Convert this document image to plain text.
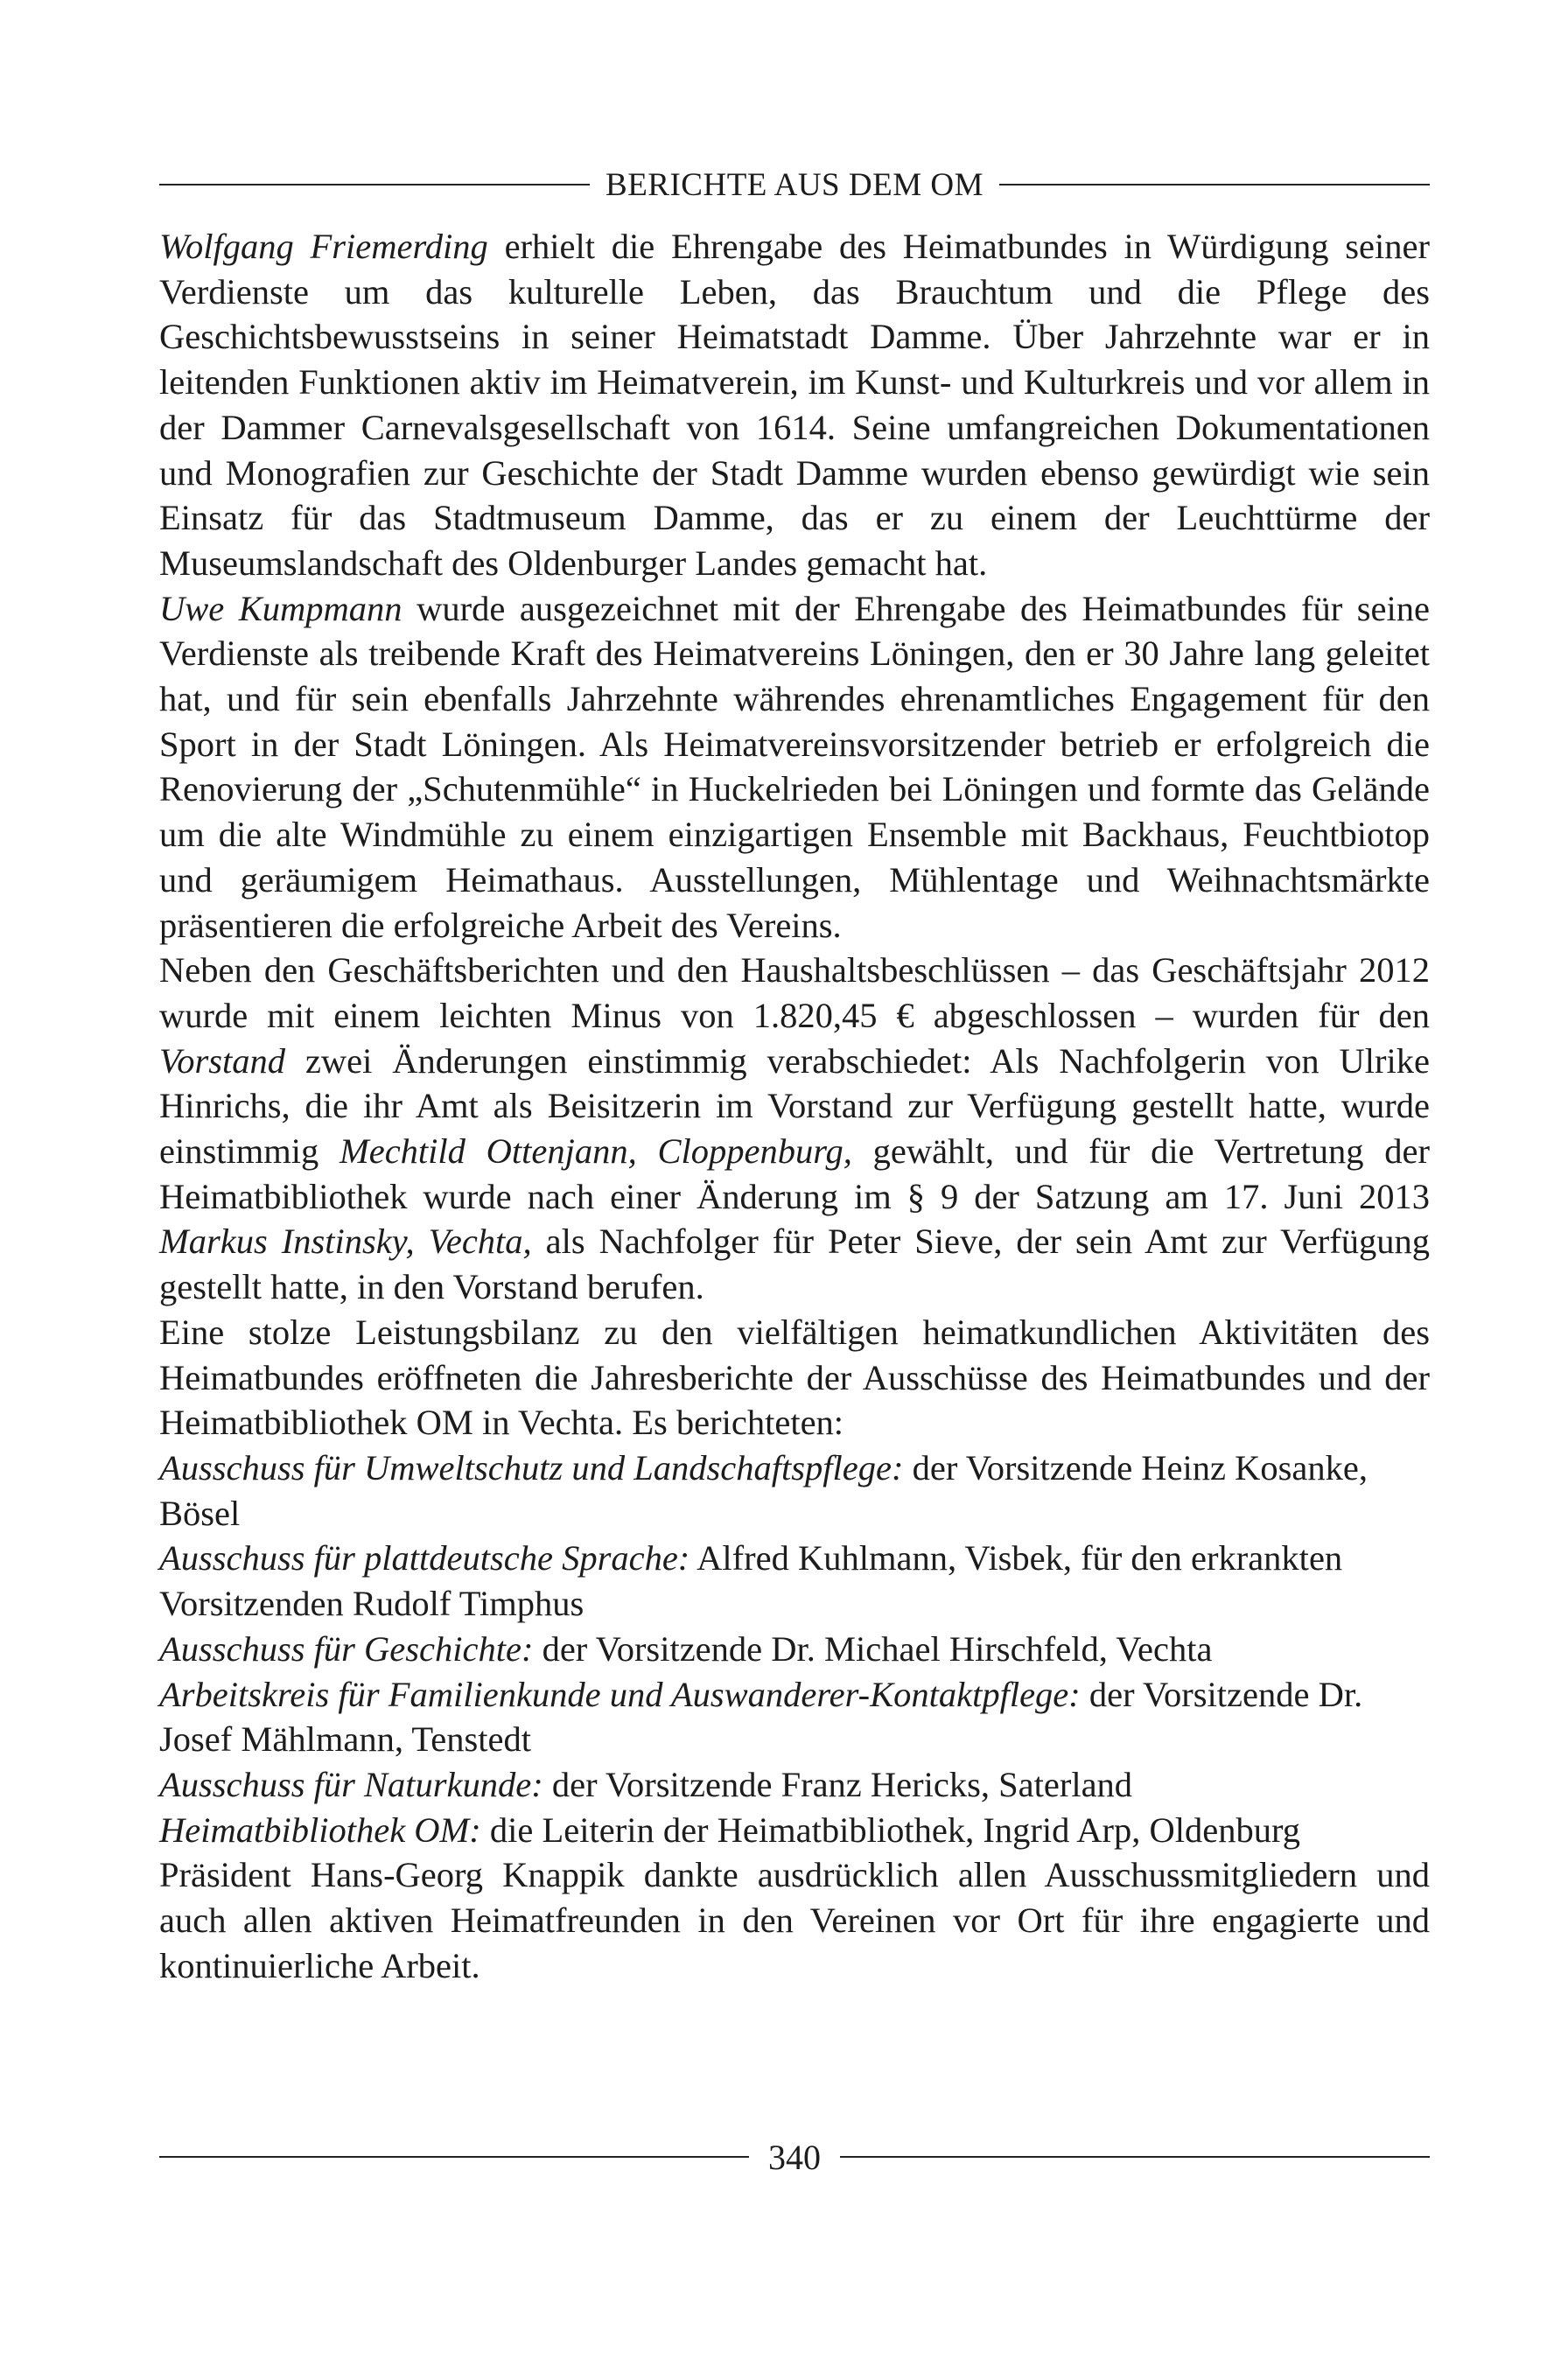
BERICHTE AUS DEM OM

Wolfgang Friemerding erhielt die Ehrengabe des Heimatbundes in Würdigung seiner Verdienste um das kulturelle Leben, das Brauchtum und die Pflege des Geschichtsbewusstseins in seiner Heimatstadt Damme. Über Jahrzehnte war er in leitenden Funktionen aktiv im Heimatverein, im Kunst- und Kulturkreis und vor allem in der Dammer Carnevalsgesellschaft von 1614. Seine umfangreichen Dokumentationen und Monografien zur Geschichte der Stadt Damme wurden ebenso gewürdigt wie sein Einsatz für das Stadtmuseum Damme, das er zu einem der Leuchttürme der Museumslandschaft des Oldenburger Landes gemacht hat.

Uwe Kumpmann wurde ausgezeichnet mit der Ehrengabe des Heimatbundes für seine Verdienste als treibende Kraft des Heimatvereins Löningen, den er 30 Jahre lang geleitet hat, und für sein ebenfalls Jahrzehnte währendes ehrenamtliches Engagement für den Sport in der Stadt Löningen. Als Heimatvereinsvorsitzender betrieb er erfolgreich die Renovierung der „Schutenmühle“ in Huckelrieden bei Löningen und formte das Gelände um die alte Windmühle zu einem einzigartigen Ensemble mit Backhaus, Feuchtbiotop und geräumigem Heimathaus. Ausstellungen, Mühlentage und Weihnachtsmärkte präsentieren die erfolgreiche Arbeit des Vereins.

Neben den Geschäftsberichten und den Haushaltsbeschlüssen – das Geschäftsjahr 2012 wurde mit einem leichten Minus von 1.820,45 € abgeschlossen – wurden für den Vorstand zwei Änderungen einstimmig verabschiedet: Als Nachfolgerin von Ulrike Hinrichs, die ihr Amt als Beisitzerin im Vorstand zur Verfügung gestellt hatte, wurde einstimmig Mechtild Ottenjann, Cloppenburg, gewählt, und für die Vertretung der Heimatbibliothek wurde nach einer Änderung im § 9 der Satzung am 17. Juni 2013 Markus Instinsky, Vechta, als Nachfolger für Peter Sieve, der sein Amt zur Verfügung gestellt hatte, in den Vorstand berufen.

Eine stolze Leistungsbilanz zu den vielfältigen heimatkundlichen Aktivitäten des Heimatbundes eröffneten die Jahresberichte der Ausschüsse des Heimatbundes und der Heimatbibliothek OM in Vechta. Es berichteten:

Ausschuss für Umweltschutz und Landschaftspflege: der Vorsitzende Heinz Kosanke, Bösel

Ausschuss für plattdeutsche Sprache: Alfred Kuhlmann, Visbek, für den erkrankten Vorsitzenden Rudolf Timphus

Ausschuss für Geschichte: der Vorsitzende Dr. Michael Hirschfeld, Vechta

Arbeitskreis für Familienkunde und Auswanderer-Kontaktpflege: der Vorsitzende Dr. Josef Mählmann, Tenstedt

Ausschuss für Naturkunde: der Vorsitzende Franz Hericks, Saterland

Heimatbibliothek OM: die Leiterin der Heimatbibliothek, Ingrid Arp, Oldenburg

Präsident Hans-Georg Knappik dankte ausdrücklich allen Ausschussmitgliedern und auch allen aktiven Heimatfreunden in den Vereinen vor Ort für ihre engagierte und kontinuierliche Arbeit.

340
